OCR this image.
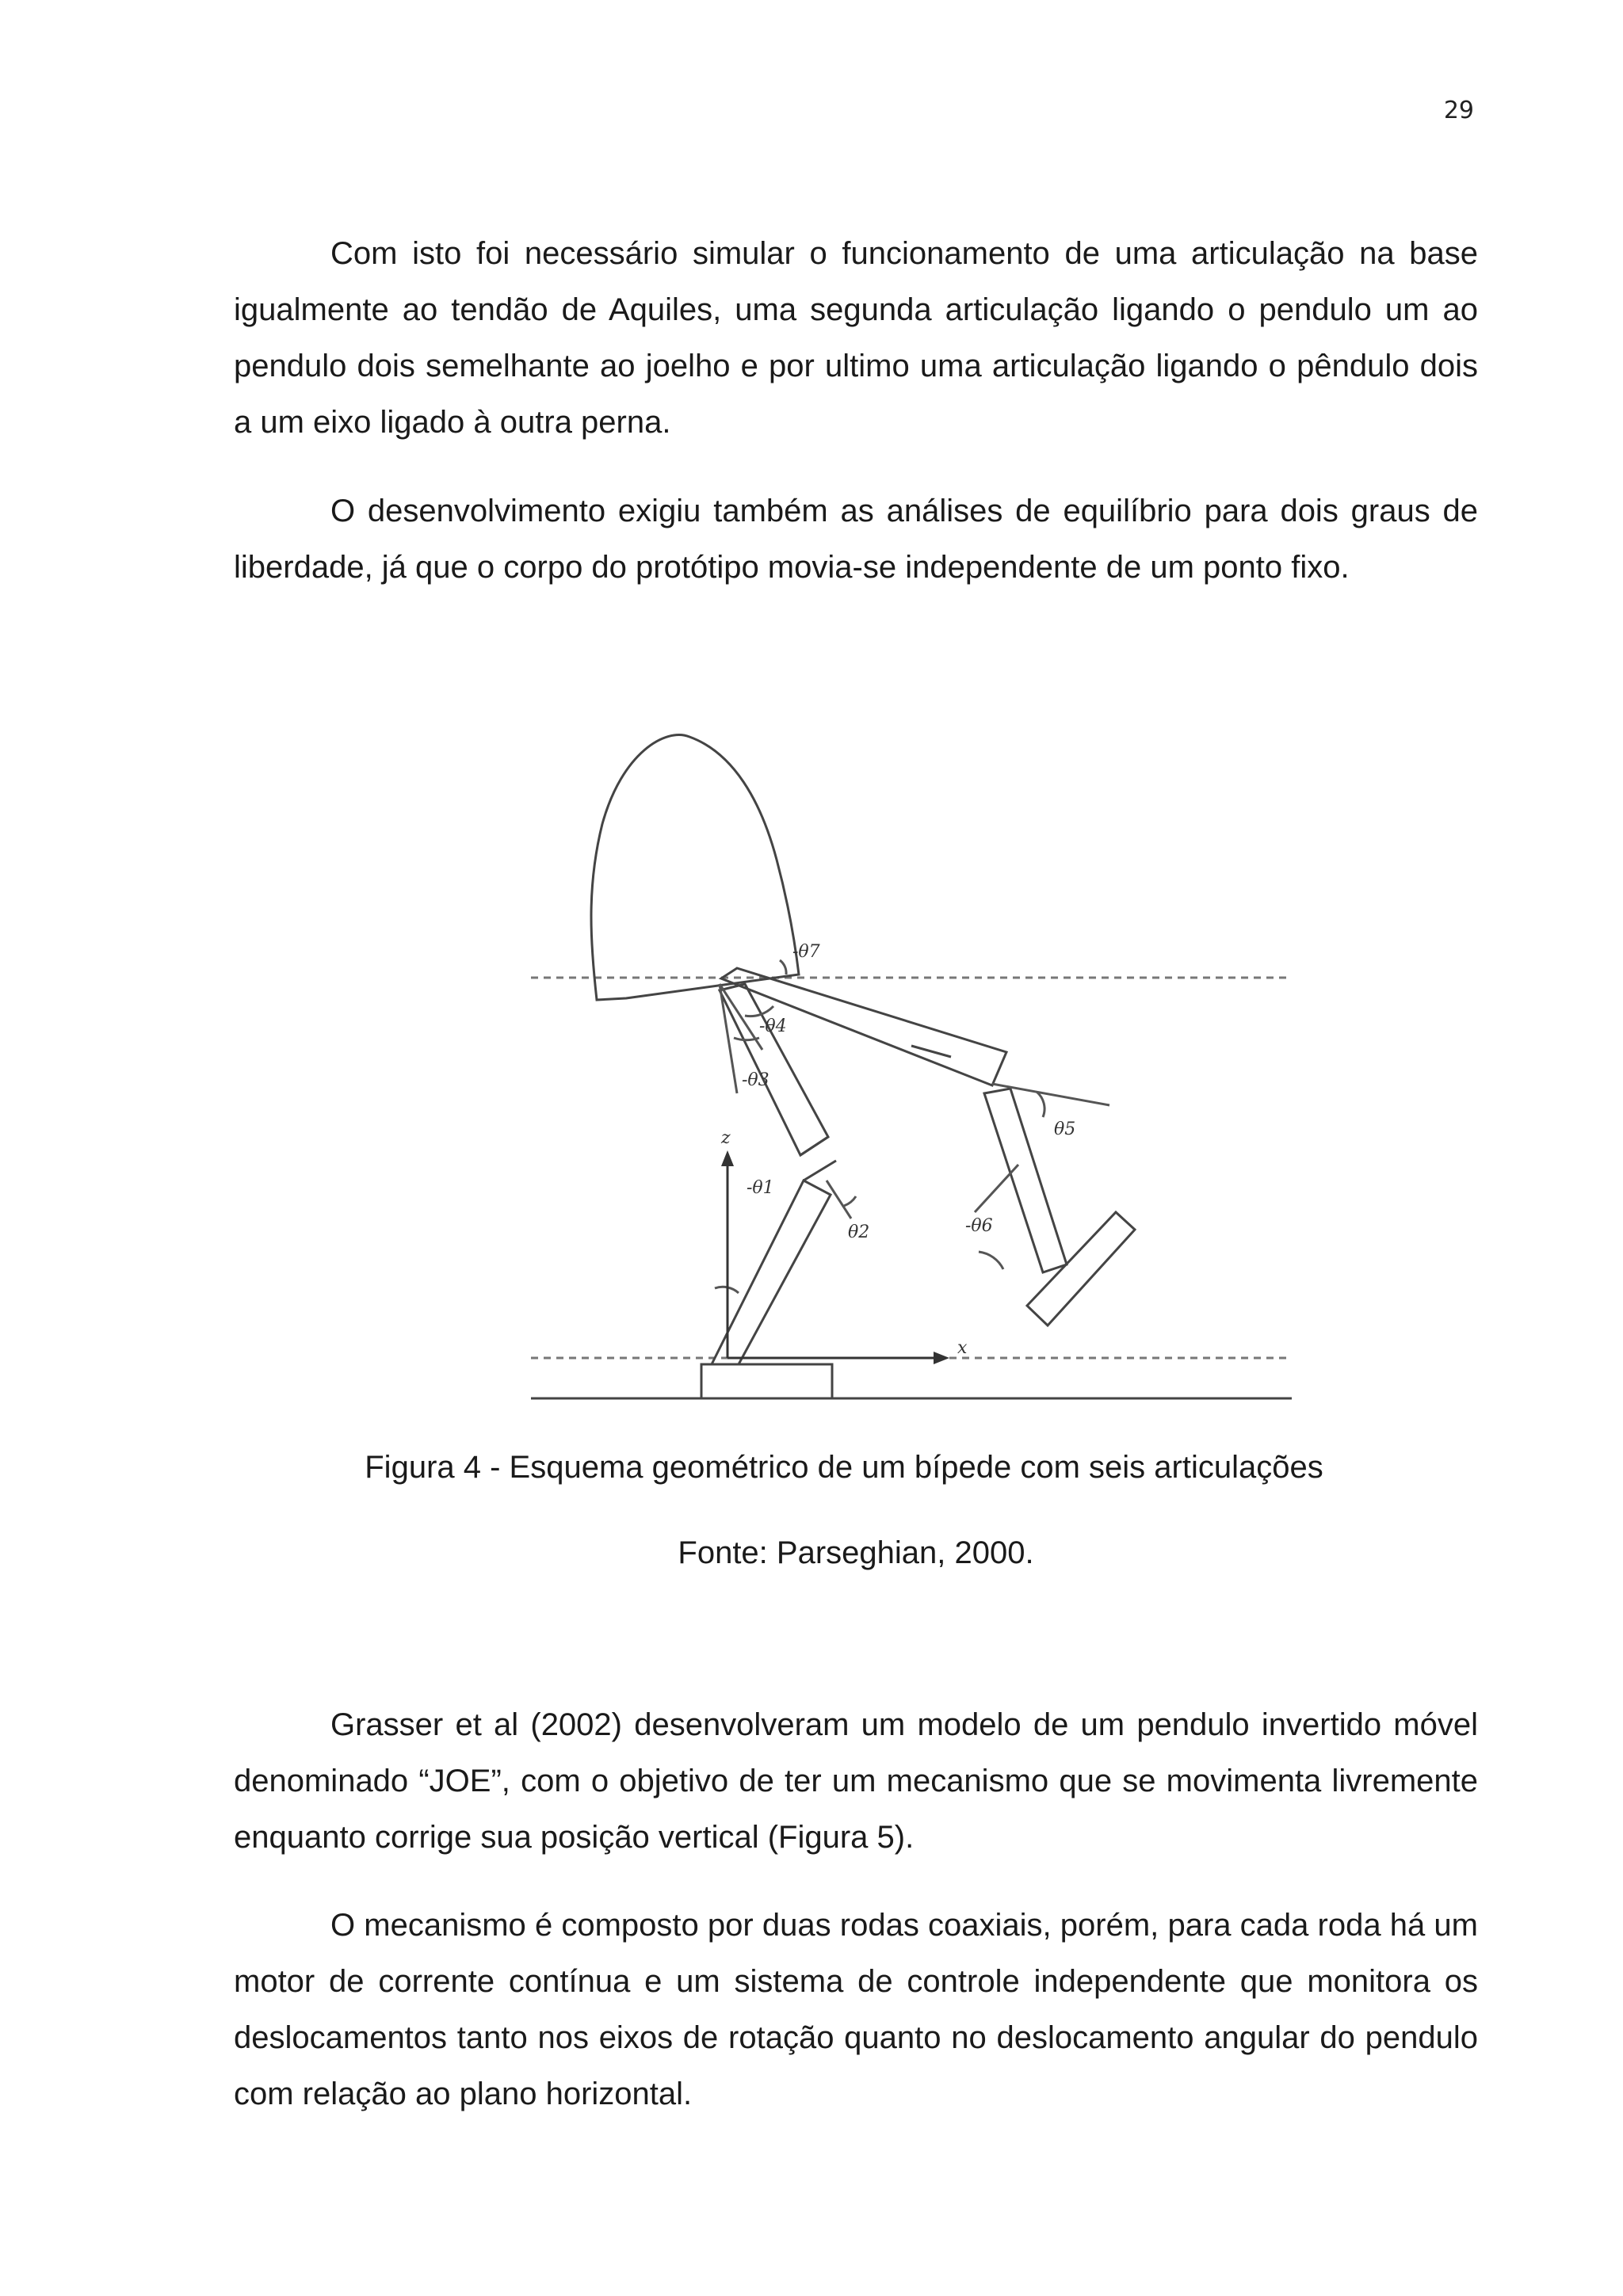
29

Com isto foi necessário simular o funcionamento de uma articulação na base igualmente ao tendão de Aquiles, uma segunda articulação ligando o pendulo um ao pendulo dois semelhante ao joelho e por ultimo uma articulação ligando o pêndulo dois a um eixo ligado à outra perna.

O desenvolvimento exigiu também as análises de equilíbrio para dois graus de liberdade, já que o corpo do protótipo movia-se independente de um ponto fixo.

-θ7
-θ4
-θ3
-θ1
θ2
θ5
-θ6
z
x

Figura 4 - Esquema geométrico de um bípede com seis articulações

Fonte: Parseghian, 2000.

Grasser et al (2002) desenvolveram um modelo de um pendulo invertido móvel denominado “JOE”, com o objetivo de ter um mecanismo que se movimenta livremente enquanto corrige sua posição vertical (Figura 5).

O mecanismo é composto por duas rodas coaxiais, porém, para cada roda há um motor de corrente contínua e um sistema de controle independente que monitora os deslocamentos tanto nos eixos de rotação quanto no deslocamento angular do pendulo com relação ao plano horizontal.
